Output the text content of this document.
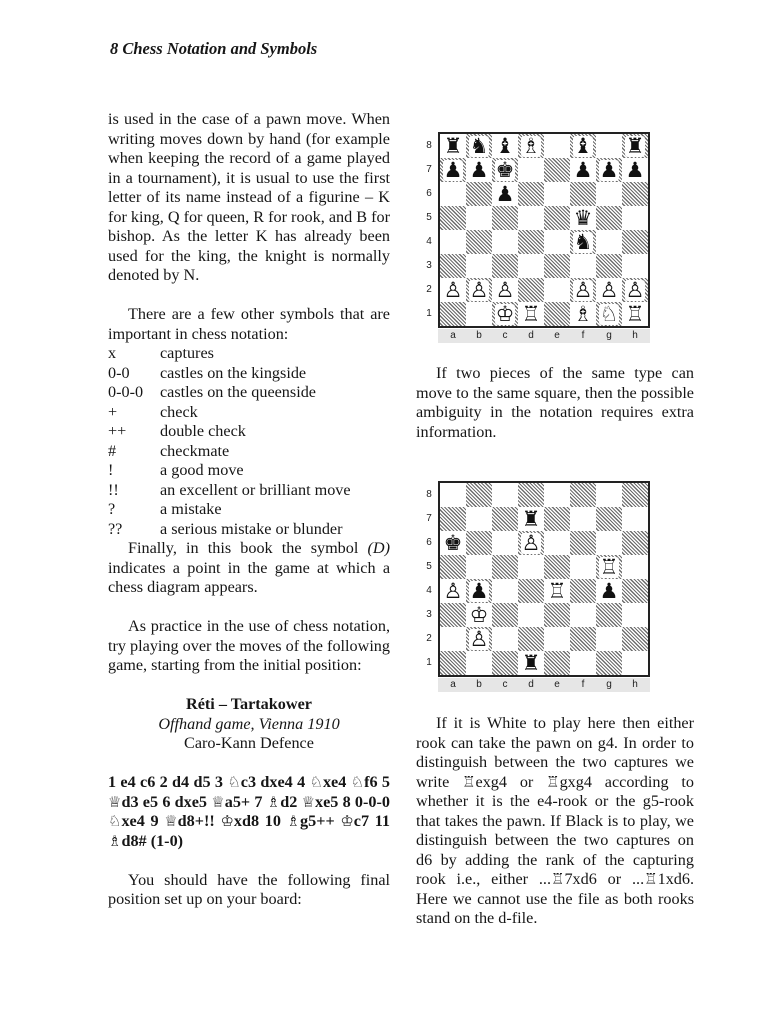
8 Chess Notation and Symbols

is used in the case of a pawn move. When writing moves down by hand (for example when keeping the record of a game played in a tournament), it is usual to use the first letter of its name instead of a figurine – K for king, Q for queen, R for rook, and B for bishop. As the letter K has already been used for the king, the knight is normally denoted by N.

There are a few other symbols that are important in chess notation:

x	captures
0-0	castles on the kingside
0-0-0	castles on the queenside
+	check
++	double check
#	checkmate
!	a good move
!!	an excellent or brilliant move
?	a mistake
??	a serious mistake or blunder

Finally, in this book the symbol (D) indicates a point in the game at which a chess diagram appears.

As practice in the use of chess notation, try playing over the moves of the following game, starting from the initial position:

Réti – Tartakower
Offhand game, Vienna 1910
Caro-Kann Defence

1 e4 c6 2 d4 d5 3 ♘c3 dxe4 4 ♘xe4 ♘f6 5 ♕d3 e5 6 dxe5 ♕a5+ 7 ♗d2 ♕xe5 8 0-0-0 ♘xe4 9 ♕d8+!! ♔xd8 10 ♗g5++ ♔c7 11 ♗d8# (1-0)

You should have the following final position set up on your board:

♜ ♞ ♝ ♗ ♝ ♜
♟ ♟ ♚	♟ ♟ ♟
♟
♛
♞
♙ ♙ ♙	♙ ♙ ♙
♔ ♖ ♗ ♘ ♖
8
7
6
5
4
3
2
1
a	b	c	d	e	f	g	h

If two pieces of the same type can move to the same square, then the possible ambiguity in the notation requires extra information.

♜
♚	♙
♖
♙ ♟	♖ ♟
♔
♙
♜
8
7
6
5
4
3
2
1
a	b	c	d	e	f	g	h

If it is White to play here then either rook can take the pawn on g4. In order to distinguish between the two captures we write ♖exg4 or ♖gxg4 according to whether it is the e4-rook or the g5-rook that takes the pawn. If Black is to play, we distinguish between the two captures on d6 by adding the rank of the capturing rook i.e., either ...♖7xd6 or ...♖1xd6. Here we cannot use the file as both rooks stand on the d-file.
